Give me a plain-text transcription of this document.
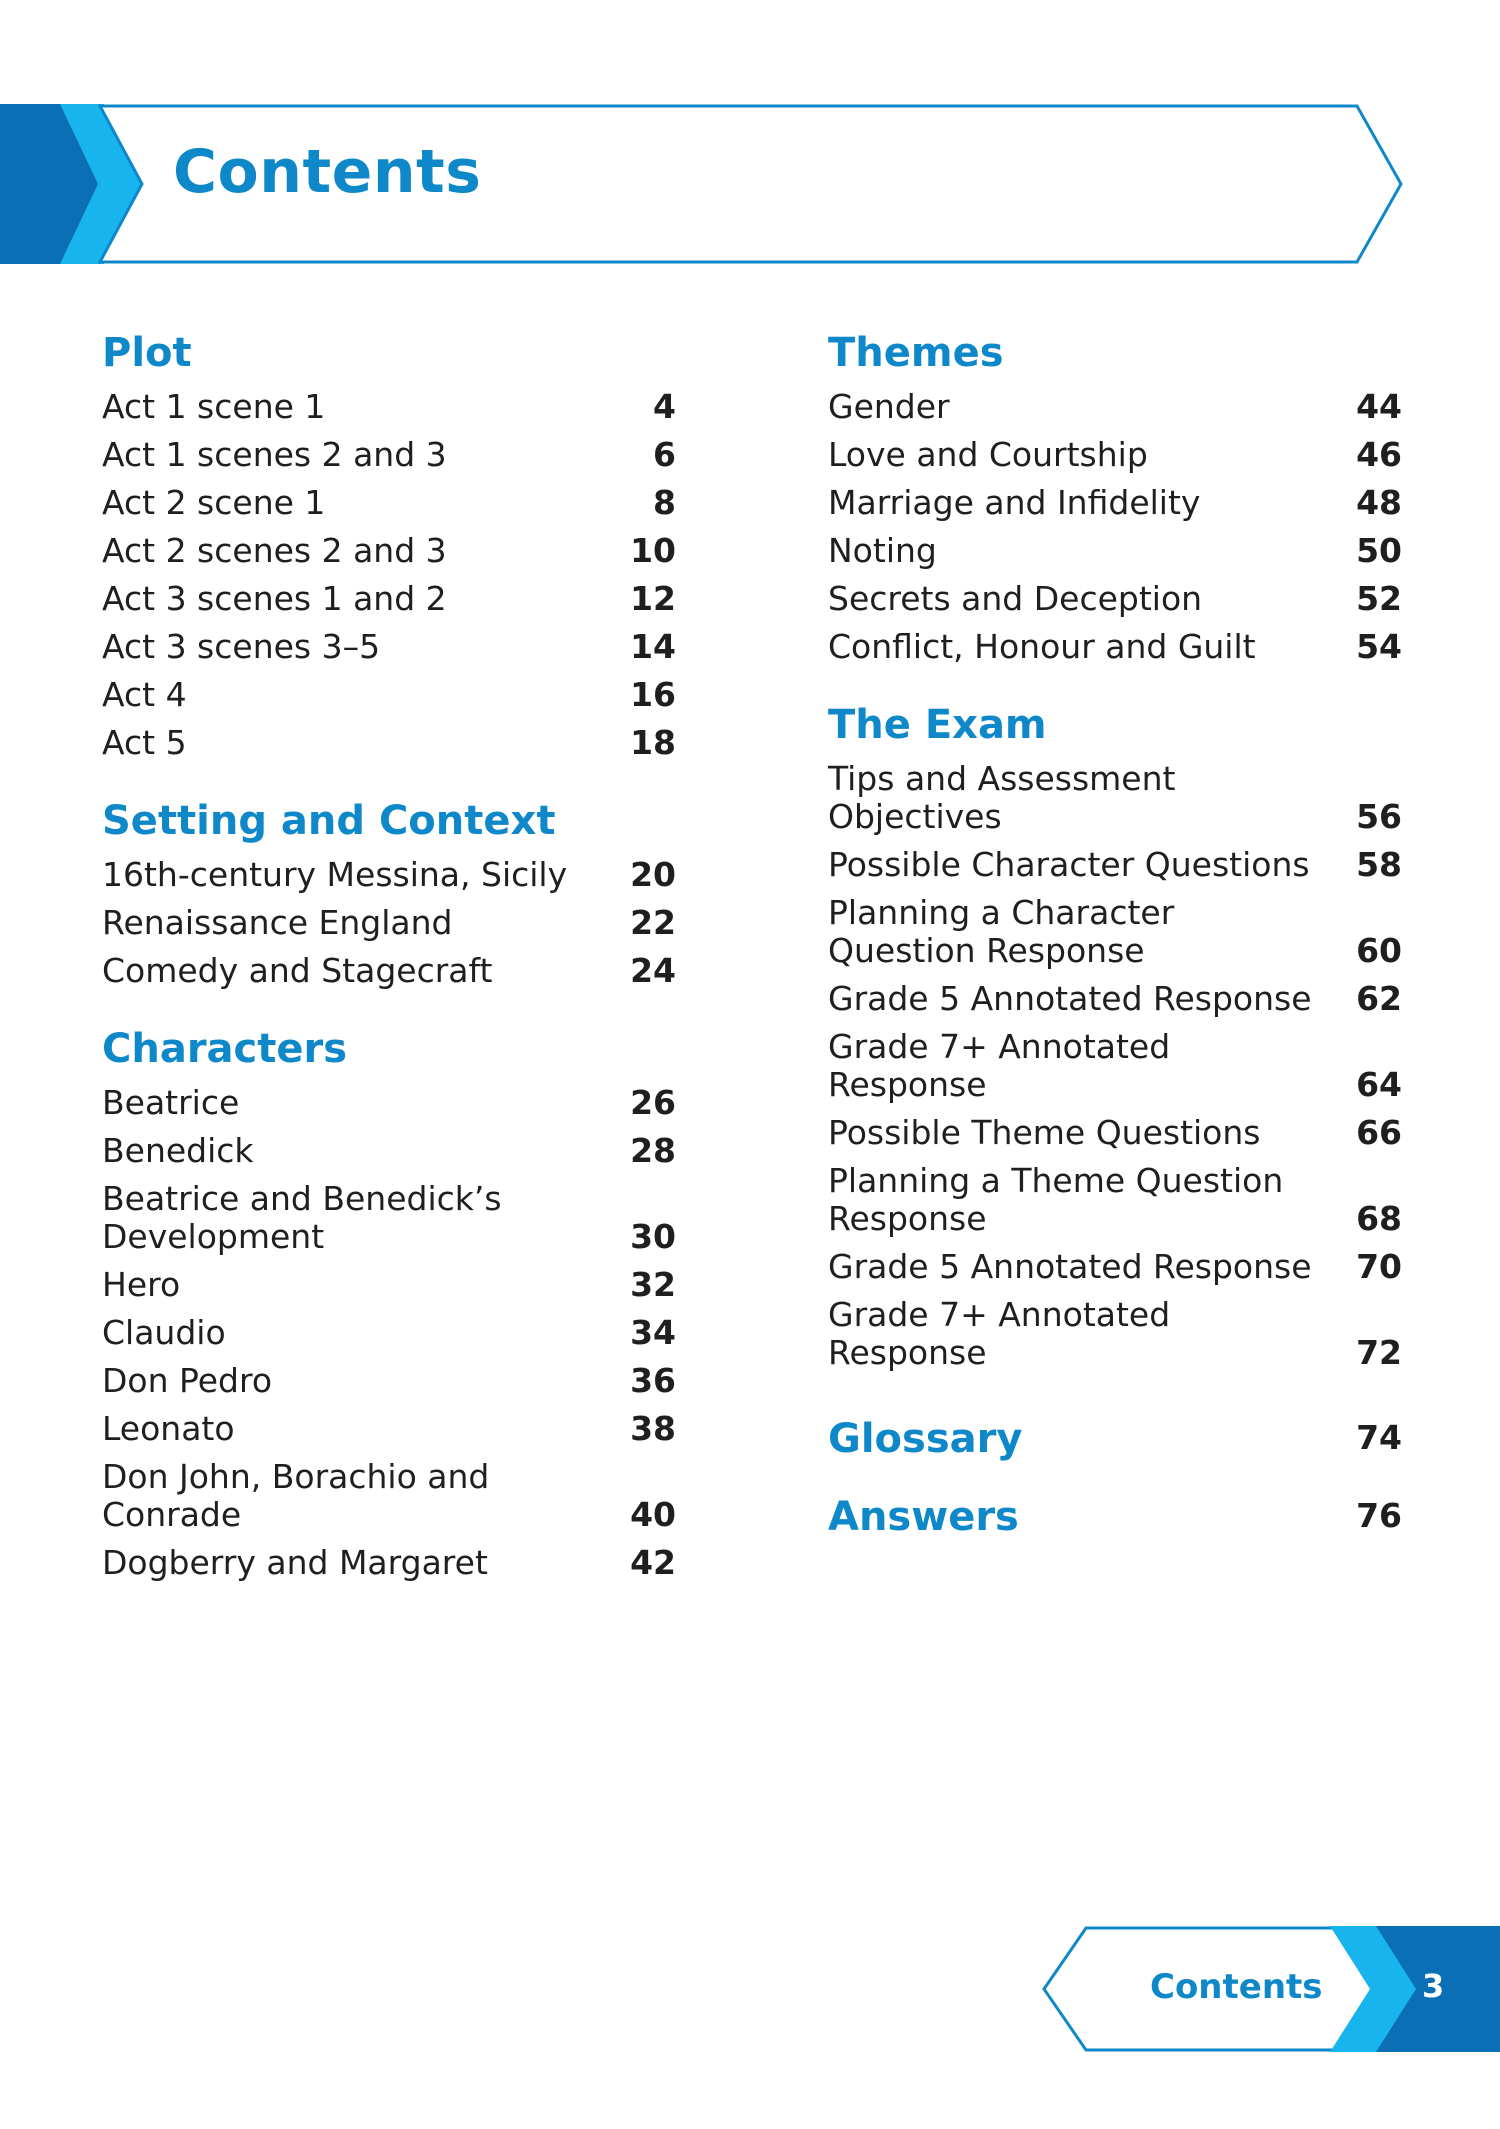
Contents
Plot
Act 1 scene 1	4
Act 1 scenes 2 and 3	6
Act 2 scene 1	8
Act 2 scenes 2 and 3	10
Act 3 scenes 1 and 2	12
Act 3 scenes 3–5	14
Act 4	16
Act 5	18
Setting and Context
16th-century Messina, Sicily 20
Renaissance England	22
Comedy and Stagecraft	24
Characters
Beatrice	26
Benedick	28
Beatrice and Benedick’s Development	30
Hero	32
Claudio	34
Don Pedro	36
Leonato	38
Don John, Borachio and Conrade	40
Dogberry and Margaret	42
Themes
Gender	44
Love and Courtship	46
Marriage and Infidelity	48
Noting	50
Secrets and Deception	52
Conflict, Honour and Guilt	54
The Exam
Tips and Assessment Objectives	56
Possible Character Questions 58
Planning a Character Question Response	60
Grade 5 Annotated Response 62
Grade 7+ Annotated Response	64
Possible Theme Questions	66
Planning a Theme Question Response	68
Grade 5 Annotated Response 70
Grade 7+ Annotated Response	72
Glossary	74
Answers	76
Contents	3
